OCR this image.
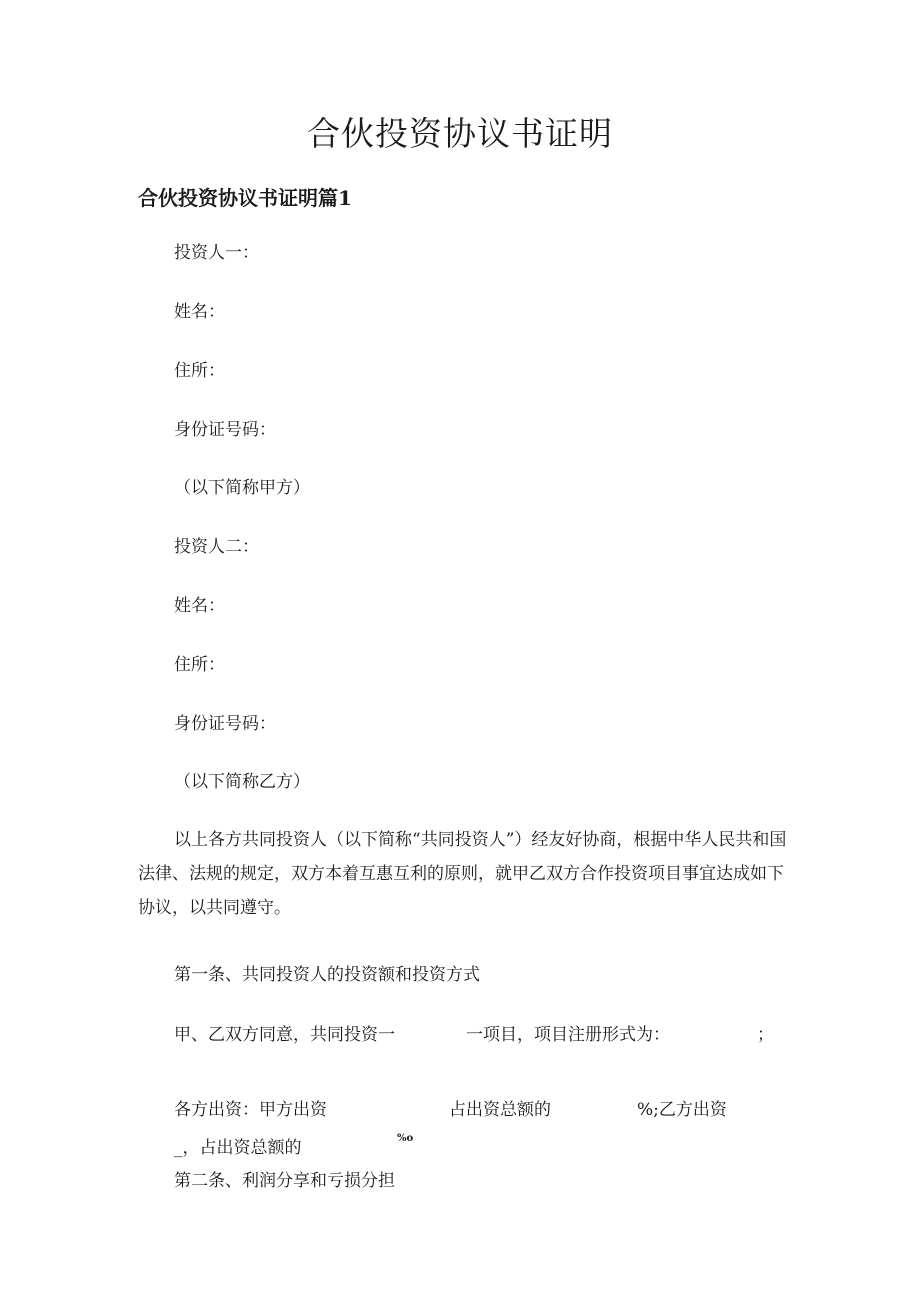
合伙投资协议书证明
合伙投资协议书证明篇1
投资人一：
姓名：
住所：
身份证号码：
（以下简称甲方）
投资人二：
姓名：
住所：
身份证号码：
（以下简称乙方）
以上各方共同投资人（以下简称“共同投资人”）经友好协商，根据中华人民共和国法律、法规的规定，双方本着互惠互利的原则，就甲乙双方合作投资项目事宜达成如下协议，以共同遵守。
第一条、共同投资人的投资额和投资方式
甲、乙双方同意，共同投资一	一项目，项目注册形式为：	；
各方出资：甲方出资	占出资总额的	%;乙方出资
_，占出资总额的	%o
第二条、利润分享和亏损分担
